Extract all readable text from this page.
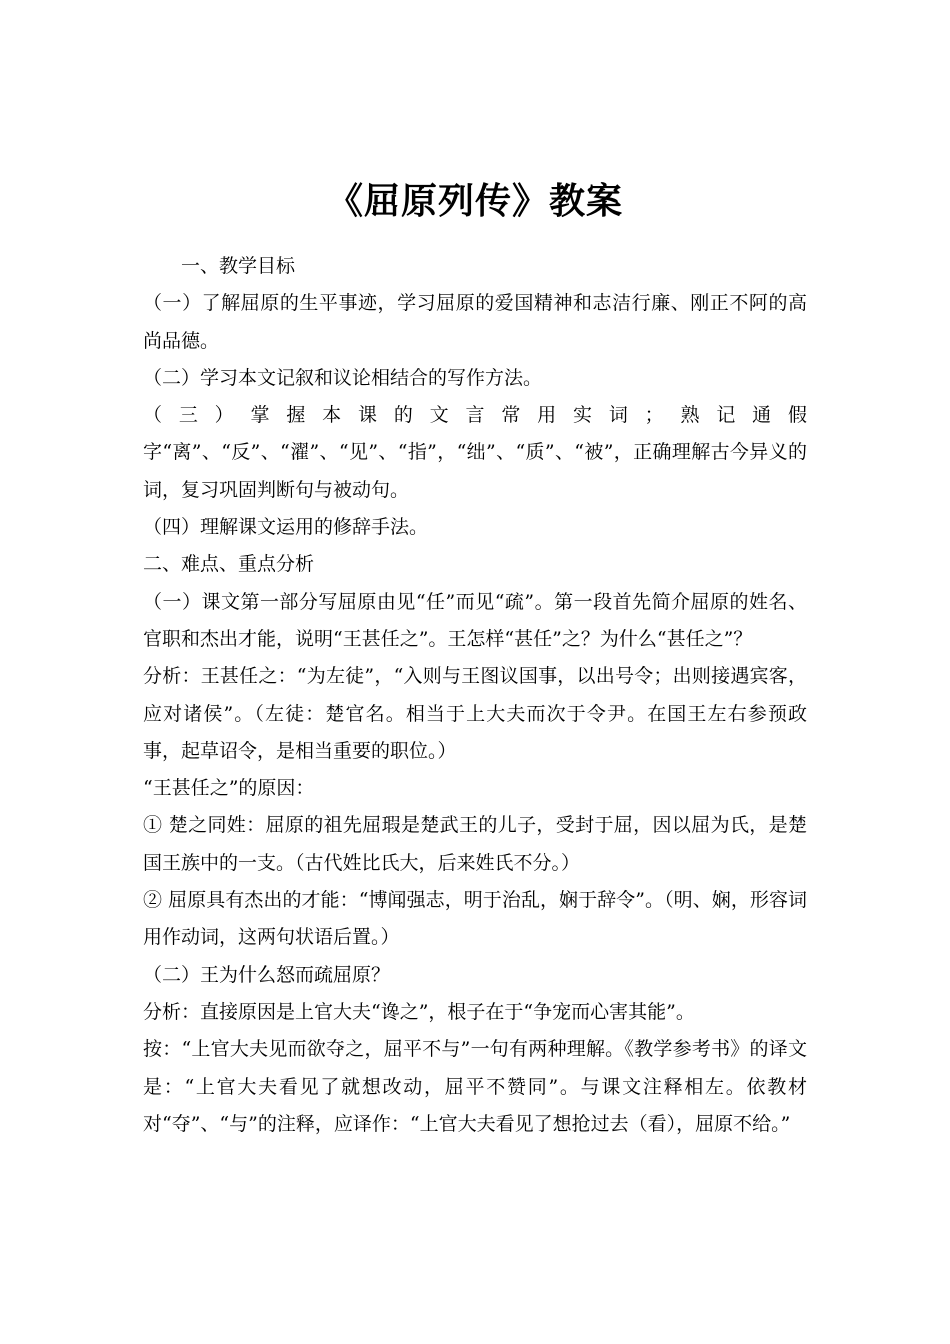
《屈原列传》教案

一、教学目标

（一）了解屈原的生平事迹，学习屈原的爱国精神和志洁行廉、刚正不阿的高尚品德。

（二）学习本文记叙和议论相结合的写作方法。

（三）掌握本课的文言常用实词；熟记通假字“离”、“反”、“濯”、“见”、“指”，“绌”、“质”、“被”，正确理解古今异义的词，复习巩固判断句与被动句。

（四）理解课文运用的修辞手法。

二、难点、重点分析

（一）课文第一部分写屈原由见“任”而见“疏”。第一段首先简介屈原的姓名、官职和杰出才能，说明“王甚任之”。王怎样“甚任”之？为什么“甚任之”？

分析：王甚任之：“为左徒”，“入则与王图议国事，以出号令；出则接遇宾客，应对诸侯”。（左徒：楚官名。相当于上大夫而次于令尹。在国王左右参预政事，起草诏令，是相当重要的职位。）

“王甚任之”的原因：

① 楚之同姓：屈原的祖先屈瑕是楚武王的儿子，受封于屈，因以屈为氏，是楚国王族中的一支。（古代姓比氏大，后来姓氏不分。）

② 屈原具有杰出的才能：“博闻强志，明于治乱，娴于辞令”。（明、娴，形容词用作动词，这两句状语后置。）

（二）王为什么怒而疏屈原？

分析：直接原因是上官大夫“谗之”，根子在于“争宠而心害其能”。

按：“上官大夫见而欲夺之，屈平不与”一句有两种理解。《教学参考书》的译文是：“上官大夫看见了就想改动，屈平不赞同”。与课文注释相左。依教材对“夺”、“与”的注释，应译作：“上官大夫看见了想抢过去（看），屈原不给。”
